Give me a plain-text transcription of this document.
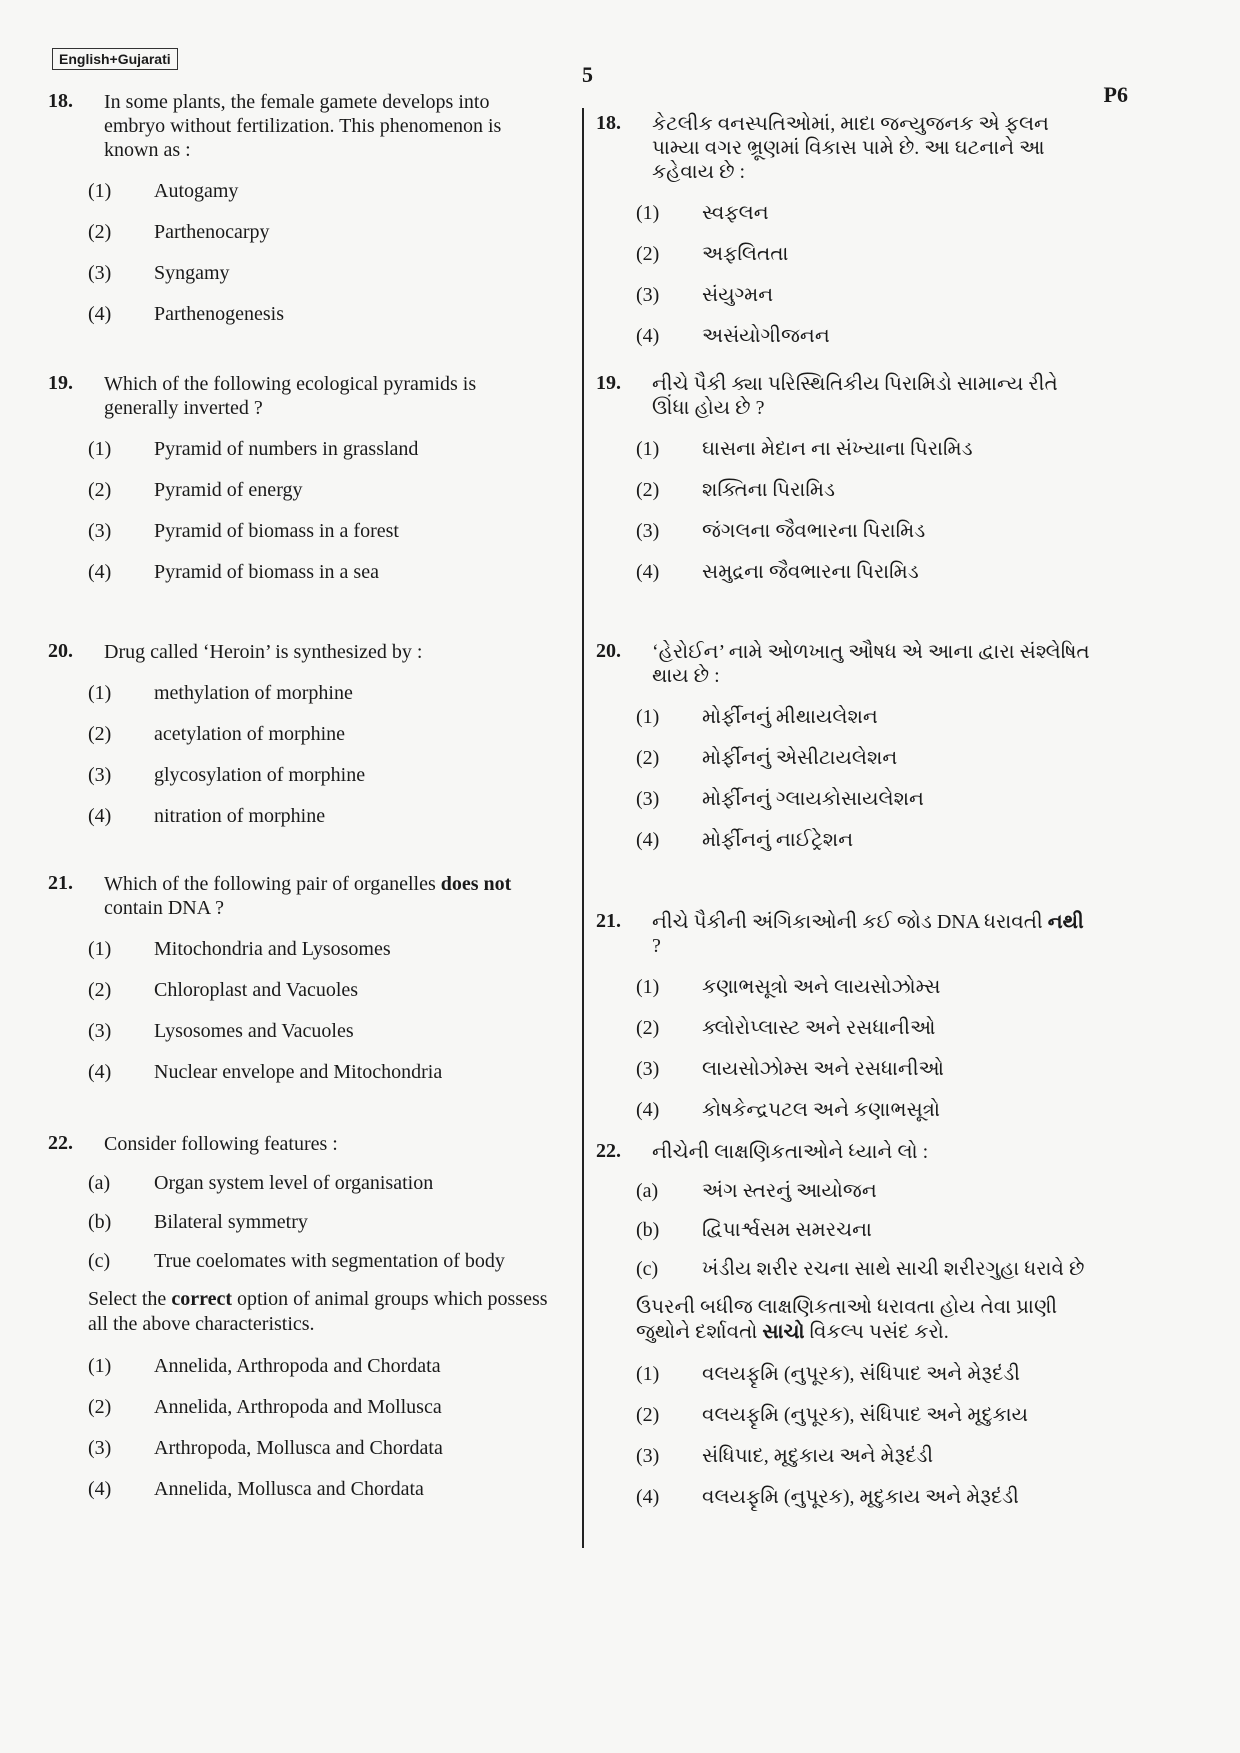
English+Gujarati
5
P6
18.	In some plants, the female gamete develops into embryo without fertilization. This phenomenon is known as :
(1)	Autogamy
(2)	Parthenocarpy
(3)	Syngamy
(4)	Parthenogenesis
19.	Which of the following ecological pyramids is generally inverted ?
(1)	Pyramid of numbers in grassland
(2)	Pyramid of energy
(3)	Pyramid of biomass in a forest
(4)	Pyramid of biomass in a sea
20.	Drug called ‘Heroin’ is synthesized by :
(1)	methylation of morphine
(2)	acetylation of morphine
(3)	glycosylation of morphine
(4)	nitration of morphine
21.	Which of the following pair of organelles does not contain DNA ?
(1)	Mitochondria and Lysosomes
(2)	Chloroplast and Vacuoles
(3)	Lysosomes and Vacuoles
(4)	Nuclear envelope and Mitochondria
22.	Consider following features :
(a)	Organ system level of organisation
(b)	Bilateral symmetry
(c)	True coelomates with segmentation of body
Select the correct option of animal groups which possess all the above characteristics.
(1)	Annelida, Arthropoda and Chordata
(2)	Annelida, Arthropoda and Mollusca
(3)	Arthropoda, Mollusca and Chordata
(4)	Annelida, Mollusca and Chordata
18.	કેટલીક વનસ્પતિઓમાં, માદા જન્યુજનક એ ફલન પામ્યા વગર ભ્રૂણમાં વિકાસ પામે છે. આ ઘટનાને આ કહેવાય છે :
(1)	સ્વફલન
(2)	અફલિતતા
(3)	સંયુગ્મન
(4)	અસંયોગીજનન
19.	નીચે પૈકી ક્યા પરિસ્થિતિકીય પિરામિડો સામાન્ય રીતે ઊંધા હોય છે ?
(1)	ઘાસના મેદાન ના સંખ્યાના પિરામિડ
(2)	શક્તિના પિરામિડ
(3)	જંગલના જૈવભારના પિરામિડ
(4)	સમુદ્રના જૈવભારના પિરામિડ
20.	‘હેરોઈન’ નામે ઓળખાતુ ઔષધ એ આના દ્વારા સંશ્લેષિત થાય છે :
(1)	મોર્ફીનનું મીથાયલેશન
(2)	મોર્ફીનનું એસીટાયલેશન
(3)	મોર્ફીનનું ગ્લાયકોસાયલેશન
(4)	મોર્ફીનનું નાઈટ્રેશન
21.	નીચે પૈકીની અંગિકાઓની કઈ જોડ DNA ધરાવતી નથી ?
(1)	કણાભસૂત્રો અને લાયસોઝોમ્સ
(2)	ક્લોરોપ્લાસ્ટ અને રસધાનીઓ
(3)	લાયસોઝોમ્સ અને રસધાનીઓ
(4)	કોષકેન્દ્રપટલ અને કણાભસૂત્રો
22.	નીચેની લાક્ષણિકતાઓને ધ્યાને લો :
(a)	અંગ સ્તરનું આયોજન
(b)	દ્વિપાર્શ્વસમ સમરચના
(c)	ખંડીય શરીર રચના સાથે સાચી શરીરગુહા ધરાવે છે
ઉપરની બધીજ લાક્ષણિકતાઓ ધરાવતા હોય તેવા પ્રાણી જુથોને દર્શાવતો સાચો વિકલ્પ પસંદ કરો.
(1)	વલયફૃમિ (નુપૂરક), સંધિપાદ અને મેરૂદંડી
(2)	વલયફૃમિ (નુપૂરક), સંધિપાદ અને મૃદુકાય
(3)	સંધિપાદ, મૃદુકાય અને મેરૂદંડી
(4)	વલયફૃમિ (નુપૂરક), મૃદુકાય અને મેરૂદંડી
